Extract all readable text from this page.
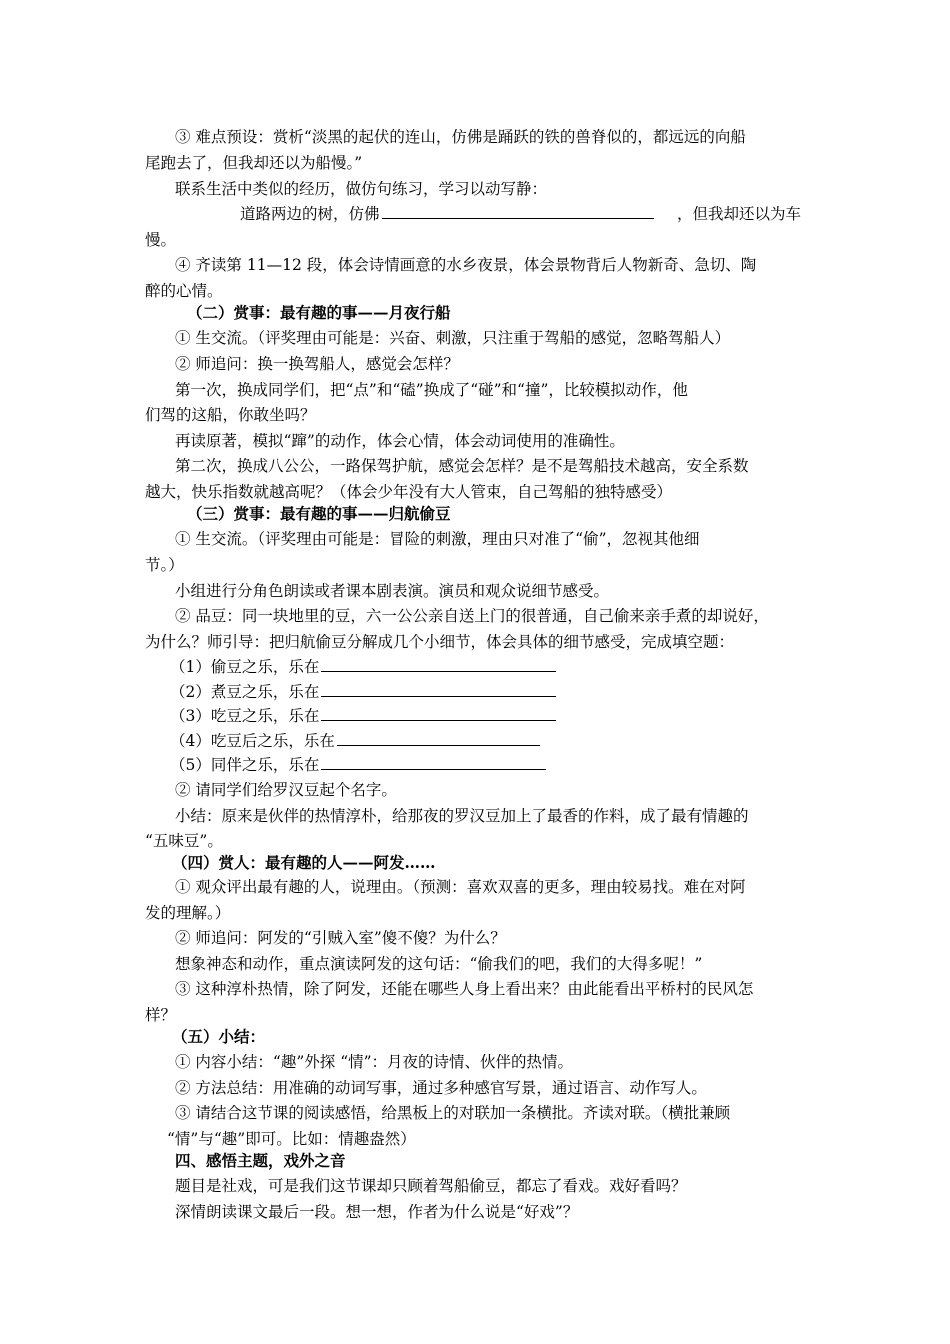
③ 难点预设：赏析“淡黑的起伏的连山，仿佛是踊跃的铁的兽脊似的，都远远的向船
尾跑去了，但我却还以为船慢。”
联系生活中类似的经历，做仿句练习，学习以动写静：
道路两边的树，仿佛	，但我却还以为车
慢。
④ 齐读第 11—12 段，体会诗情画意的水乡夜景，体会景物背后人物新奇、急切、陶
醉的心情。
（二）赏事：最有趣的事——月夜行船
① 生交流。（评奖理由可能是：兴奋、刺激，只注重于驾船的感觉，忽略驾船人）
② 师追问：换一换驾船人，感觉会怎样？
第一次，换成同学们，把“点”和“磕”换成了“碰”和“撞”，比较模拟动作，他
们驾的这船，你敢坐吗？
再读原著，模拟“蹿”的动作，体会心情，体会动词使用的准确性。
第二次，换成八公公，一路保驾护航，感觉会怎样？是不是驾船技术越高，安全系数
越大，快乐指数就越高呢？（体会少年没有大人管束，自己驾船的独特感受）
（三）赏事：最有趣的事——归航偷豆
① 生交流。（评奖理由可能是：冒险的刺激，理由只对准了“偷”，忽视其他细
节。）
小组进行分角色朗读或者课本剧表演。演员和观众说细节感受。
② 品豆：同一块地里的豆，六一公公亲自送上门的很普通，自己偷来亲手煮的却说好，
为什么？师引导：把归航偷豆分解成几个小细节，体会具体的细节感受，完成填空题：
（1）偷豆之乐，乐在
（2）煮豆之乐，乐在
（3）吃豆之乐，乐在
（4）吃豆后之乐，乐在
（5）同伴之乐，乐在
② 请同学们给罗汉豆起个名字。
小结：原来是伙伴的热情淳朴，给那夜的罗汉豆加上了最香的作料，成了最有情趣的
“五味豆”。
（四）赏人：最有趣的人——阿发……
① 观众评出最有趣的人，说理由。（预测：喜欢双喜的更多，理由较易找。难在对阿
发的理解。）
② 师追问：阿发的“引贼入室”傻不傻？为什么？
想象神态和动作，重点演读阿发的这句话：“偷我们的吧，我们的大得多呢！”
③ 这种淳朴热情，除了阿发，还能在哪些人身上看出来？由此能看出平桥村的民风怎
样？
（五）小结：
① 内容小结：“趣”外探 “情”：月夜的诗情、伙伴的热情。
② 方法总结：用准确的动词写事，通过多种感官写景，通过语言、动作写人。
③ 请结合这节课的阅读感悟，给黑板上的对联加一条横批。齐读对联。（横批兼顾
“情”与“趣”即可。比如：情趣盎然）
四、感悟主题，戏外之音
题目是社戏，可是我们这节课却只顾着驾船偷豆，都忘了看戏。戏好看吗？
深情朗读课文最后一段。想一想，作者为什么说是“好戏”？
